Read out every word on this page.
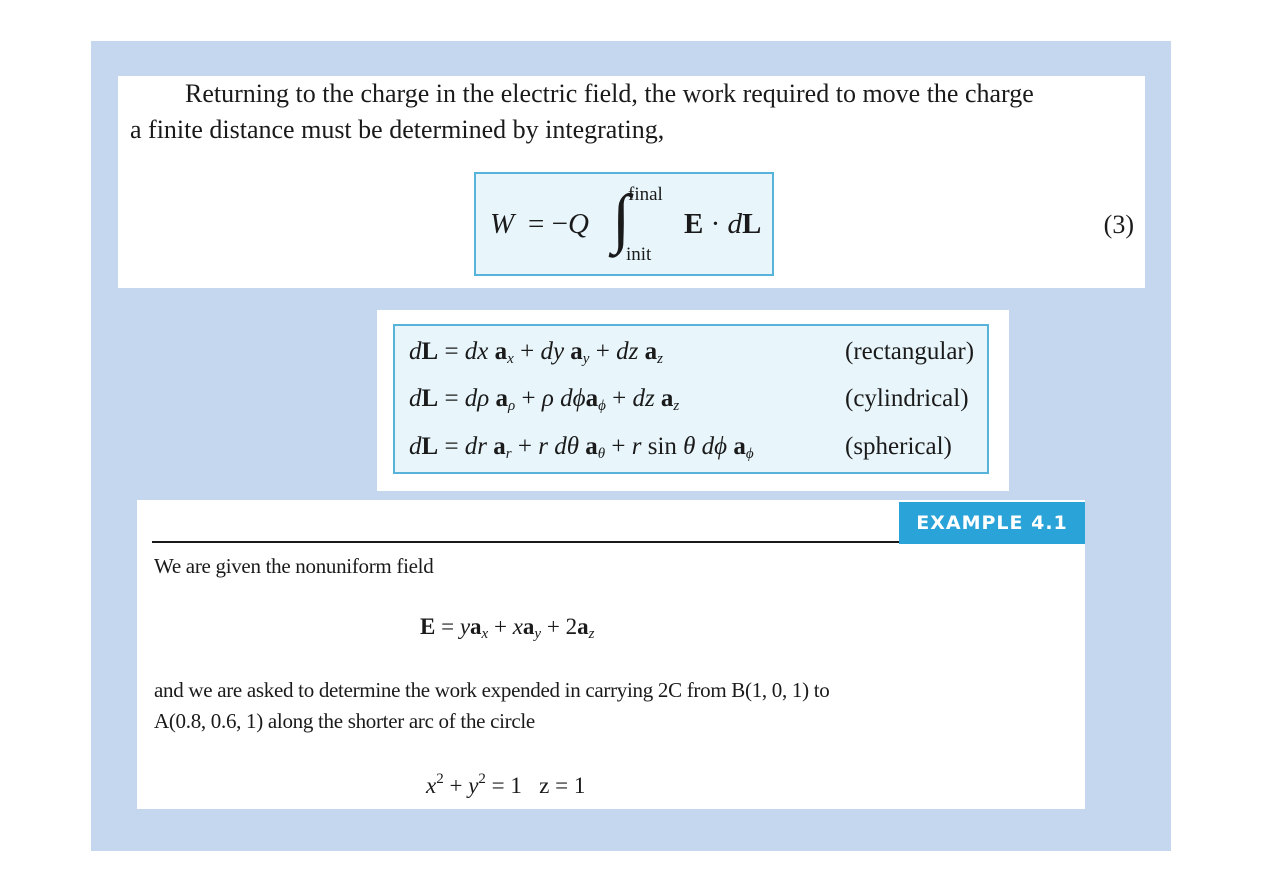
Returning to the charge in the electric field, the work required to move the charge
a finite distance must be determined by integrating,
W = −Q ∫
final
init
E · dL	(3)
dL = dx $a_x$ + dy $a_y$ + dz $a_z$	(rectangular)
dL = dρ $a_\rho + \rho$ dϕa$_\phi$ + dz $a_z$	(cylindrical)
dL = dr $a_r + r$ dθ $a_\theta + r$ sin θ dϕ $a_\phi$	(spherical)
EXAMPLE 4.1
We are given the nonuniform field
$E = ya_x + xa_y + 2a_z$
and we are asked to determine the work expended in carrying 2C from B(1, 0, 1) to
A(0.8, 0.6, 1) along the shorter arc of the circle
$x^2 + y^2 = 1$   z = 1
